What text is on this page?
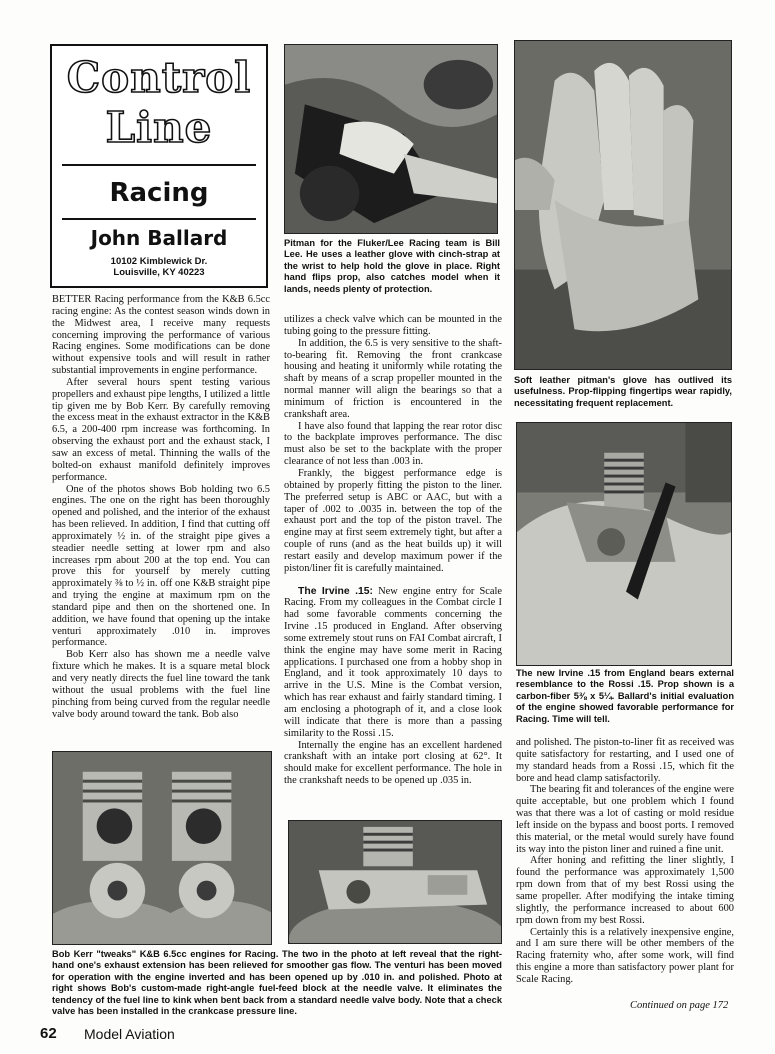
Control
Line
Racing
John Ballard
10102 Kimblewick Dr.
Louisville, KY 40223
Pitman for the Fluker/Lee Racing team is Bill Lee. He uses a leather glove with cinch-strap at the wrist to help hold the glove in place. Right hand flips prop, also catches model when it lands, needs plenty of protection.
Soft leather pitman's glove has outlived its usefulness. Prop-flipping fingertips wear rapidly, necessitating frequent replacement.
The new Irvine .15 from England bears external resemblance to the Rossi .15. Prop shown is a carbon-fiber 5⅜ x 5¼. Ballard's initial evaluation of the engine showed favorable performance for Racing. Time will tell.
Bob Kerr "tweaks" K&B 6.5cc engines for Racing. The two in the photo at left reveal that the right-hand one's exhaust extension has been relieved for smoother gas flow. The venturi has been moved for operation with the engine inverted and has been opened up by .010 in. and polished. Photo at right shows Bob's custom-made right-angle fuel-feed block at the needle valve. It eliminates the tendency of the fuel line to kink when bent back from a standard needle valve body. Note that a check valve has been installed in the crankcase pressure line.

BETTER Racing performance from the K&B 6.5cc racing engine: As the contest season winds down in the Midwest area, I receive many requests concerning improving the performance of various Racing engines. Some modifications can be done without expensive tools and will result in rather substantial improvements in engine performance.

After several hours spent testing various propellers and exhaust pipe lengths, I utilized a little tip given me by Bob Kerr. By carefully removing the excess meat in the exhaust extractor in the K&B 6.5, a 200-400 rpm increase was forthcoming. In observing the exhaust port and the exhaust stack, I saw an excess of metal. Thinning the walls of the bolted-on exhaust manifold definitely improves performance.

One of the photos shows Bob holding two 6.5 engines. The one on the right has been thoroughly opened and polished, and the interior of the exhaust has been relieved. In addition, I find that cutting off approximately ½ in. of the straight pipe gives a steadier needle setting at lower rpm and also increases rpm about 200 at the top end. You can prove this for yourself by merely cutting approximately ⅜ to ½ in. off one K&B straight pipe and trying the engine at maximum rpm on the standard pipe and then on the shortened one. In addition, we have found that opening up the intake venturi approximately .010 in. improves performance.

Bob Kerr also has shown me a needle valve fixture which he makes. It is a square metal block and very neatly directs the fuel line toward the tank without the usual problems with the fuel line pinching from being curved from the regular needle valve body around toward the tank. Bob also

utilizes a check valve which can be mounted in the tubing going to the pressure fitting.

In addition, the 6.5 is very sensitive to the shaft-to-bearing fit. Removing the front crankcase housing and heating it uniformly while rotating the shaft by means of a scrap propeller mounted in the normal manner will align the bearings so that a minimum of friction is encountered in the crankshaft area.

I have also found that lapping the rear rotor disc to the backplate improves performance. The disc must also be set to the backplate with the proper clearance of not less than .003 in.

Frankly, the biggest performance edge is obtained by properly fitting the piston to the liner. The preferred setup is ABC or AAC, but with a taper of .002 to .0035 in. between the top of the exhaust port and the top of the piston travel. The engine may at first seem extremely tight, but after a couple of runs (and as the heat builds up) it will restart easily and develop maximum power if the piston/liner fit is carefully maintained.

The Irvine .15: New engine entry for Scale Racing. From my colleagues in the Combat circle I had some favorable comments concerning the Irvine .15 produced in England. After observing some extremely stout runs on FAI Combat aircraft, I think the engine may have some merit in Racing applications. I purchased one from a hobby shop in England, and it took approximately 10 days to arrive in the U.S. Mine is the Combat version, which has rear exhaust and fairly standard timing. I am enclosing a photograph of it, and a close look will indicate that there is more than a passing similarity to the Rossi .15.

Internally the engine has an excellent hardened crankshaft with an intake port closing at 62°. It should make for excellent performance. The hole in the crankshaft needs to be opened up .035 in.

and polished. The piston-to-liner fit as received was quite satisfactory for restarting, and I used one of my standard heads from a Rossi .15, which fit the bore and head clamp satisfactorily.

The bearing fit and tolerances of the engine were quite acceptable, but one problem which I found was that there was a lot of casting or mold residue left inside on the bypass and boost ports. I removed this material, or the metal would surely have found its way into the piston liner and ruined a fine unit.

After honing and refitting the liner slightly, I found the performance was approximately 1,500 rpm down from that of my best Rossi using the same propeller. After modifying the intake timing slightly, the performance increased to about 600 rpm down from my best Rossi.

Certainly this is a relatively inexpensive engine, and I am sure there will be other members of the Racing fraternity who, after some work, will find this engine a more than satisfactory power plant for Scale Racing.

Continued on page 172
62 Model Aviation
